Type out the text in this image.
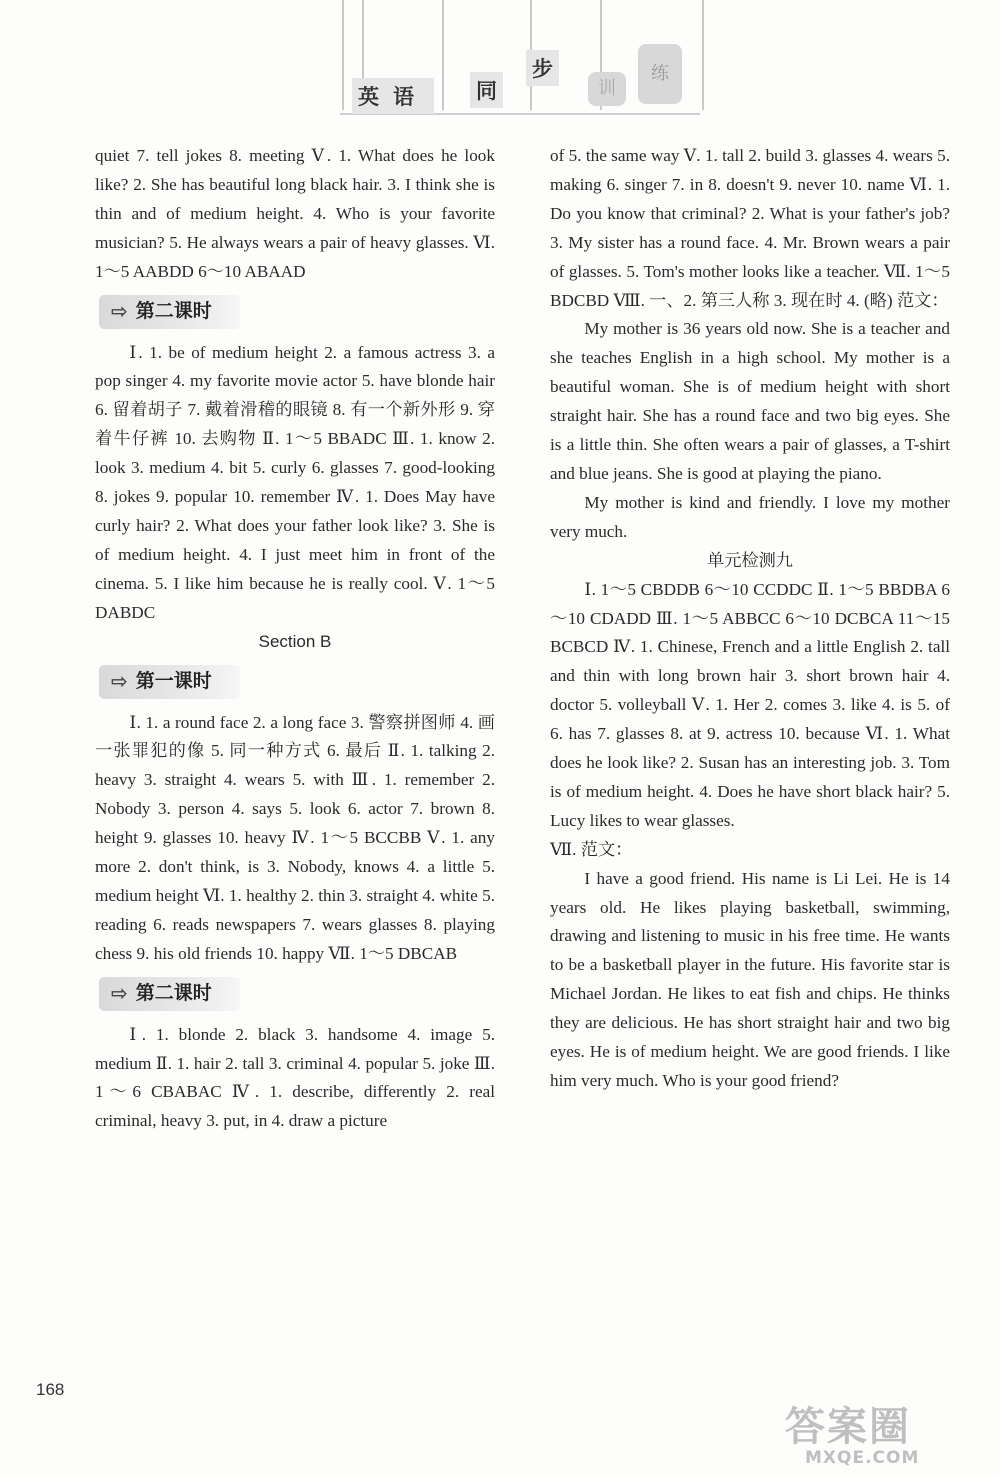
英语 同
步
训
练

quiet 7. tell jokes 8. meeting Ⅴ. 1. What does he look like? 2. She has beautiful long black hair. 3. I think she is thin and of medium height. 4. Who is your favorite musician? 5. He always wears a pair of heavy glasses. Ⅵ. 1～5 AABDD 6～10 ABAAD

⇨ 第二课时

Ⅰ. 1. be of medium height 2. a famous actress 3. a pop singer 4. my favorite movie actor 5. have blonde hair 6. 留着胡子 7. 戴着滑稽的眼镜 8. 有一个新外形 9. 穿着牛仔裤 10. 去购物 Ⅱ. 1～5 BBADC Ⅲ. 1. know 2. look 3. medium 4. bit 5. curly 6. glasses 7. good-looking 8. jokes 9. popular 10. remember Ⅳ. 1. Does May have curly hair? 2. What does your father look like? 3. She is of medium height. 4. I just meet him in front of the cinema. 5. I like him because he is really cool. Ⅴ. 1～5 DABDC

Section B
⇨ 第一课时

Ⅰ. 1. a round face 2. a long face 3. 警察拼图师 4. 画一张罪犯的像 5. 同一种方式 6. 最后 Ⅱ. 1. talking 2. heavy 3. straight 4. wears 5. with Ⅲ. 1. remember 2. Nobody 3. person 4. says 5. look 6. actor 7. brown 8. height 9. glasses 10. heavy Ⅳ. 1～5 BCCBB Ⅴ. 1. any more 2. don't think, is 3. Nobody, knows 4. a little 5. medium height Ⅵ. 1. healthy 2. thin 3. straight 4. white 5. reading 6. reads newspapers 7. wears glasses 8. playing chess 9. his old friends 10. happy Ⅶ. 1～5 DBCAB

⇨ 第二课时

Ⅰ. 1. blonde 2. black 3. handsome 4. image 5. medium Ⅱ. 1. hair 2. tall 3. criminal 4. popular 5. joke Ⅲ. 1～6 CBABAC Ⅳ. 1. describe, differently 2. real criminal, heavy 3. put, in 4. draw a picture

of 5. the same way Ⅴ. 1. tall 2. build 3. glasses 4. wears 5. making 6. singer 7. in 8. doesn't 9. never 10. name Ⅵ. 1. Do you know that criminal? 2. What is your father's job? 3. My sister has a round face. 4. Mr. Brown wears a pair of glasses. 5. Tom's mother looks like a teacher. Ⅶ. 1～5 BDCBD Ⅷ. 一、2. 第三人称 3. 现在时 4. (略) 范文：

My mother is 36 years old now. She is a teacher and she teaches English in a high school. My mother is a beautiful woman. She is of medium height with short straight hair. She has a round face and two big eyes. She is a little thin. She often wears a pair of glasses, a T-shirt and blue jeans. She is good at playing the piano.

My mother is kind and friendly. I love my mother very much.

单元检测九

Ⅰ. 1～5 CBDDB 6～10 CCDDC Ⅱ. 1～5 BBDBA 6～10 CDADD Ⅲ. 1～5 ABBCC 6～10 DCBCA 11～15 BCBCD Ⅳ. 1. Chinese, French and a little English 2. tall and thin with long brown hair 3. short brown hair 4. doctor 5. volleyball Ⅴ. 1. Her 2. comes 3. like 4. is 5. of 6. has 7. glasses 8. at 9. actress 10. because Ⅵ. 1. What does he look like? 2. Susan has an interesting job. 3. Tom is of medium height. 4. Does he have short black hair? 5. Lucy likes to wear glasses.

Ⅶ. 范文：

I have a good friend. His name is Li Lei. He is 14 years old. He likes playing basketball, swimming, drawing and listening to music in his free time. He wants to be a basketball player in the future. His favorite star is Michael Jordan. He likes to eat fish and chips. He thinks they are delicious. He has short straight hair and two big eyes. He is of medium height. We are good friends. I like him very much. Who is your good friend?

168
答案圈
MXQE.COM
